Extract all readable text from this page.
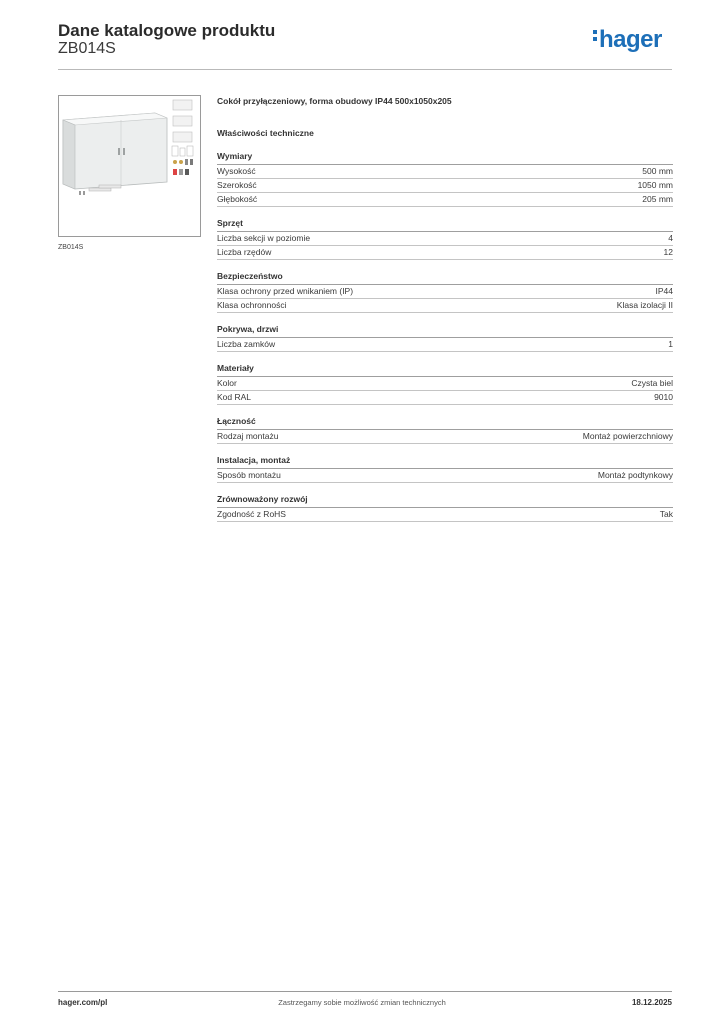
Dane katalogowe produktu
ZB014S	hager
ZB014S
Cokół przyłączeniowy, forma obudowy IP44 500x1050x205
Właściwości techniczne
Wymiary
Wysokość	500 mm
Szerokość	1050 mm
Głębokość	205 mm
Sprzęt
Liczba sekcji w poziomie	4
Liczba rzędów	12
Bezpieczeństwo
Klasa ochrony przed wnikaniem (IP)	IP44
Klasa ochronności	Klasa izolacji II
Pokrywa, drzwi
Liczba zamków	1
Materiały
Kolor	Czysta biel
Kod RAL	9010
Łączność
Rodzaj montażu	Montaż powierzchniowy
Instalacja, montaż
Sposób montażu	Montaż podtynkowy
Zrównoważony rozwój
Zgodność z RoHS	Tak
hager.com/pl	Zastrzegamy sobie możliwość zmian technicznych	18.12.2025
